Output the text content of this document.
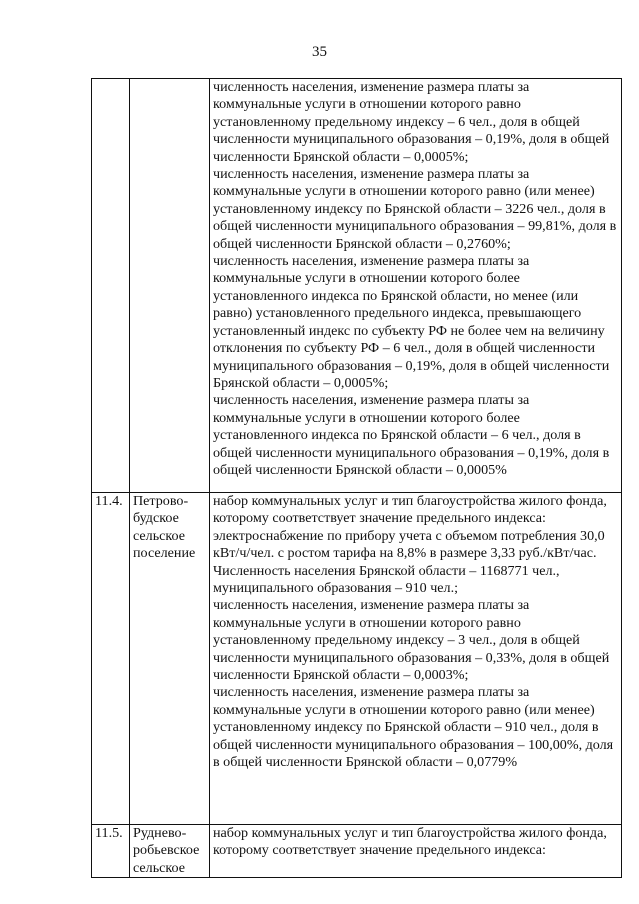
35

		численность населения, изменение размера платы за коммунальные услуги в отношении которого равно установленному предельному индексу – 6 чел., доля в общей численности муниципального образования – 0,19%, доля в общей численности Брянской области – 0,0005%;
численность населения, изменение размера платы за коммунальные услуги в отношении которого равно (или менее) установленному индексу по Брянской области – 3226 чел., доля в общей численности муниципального образования – 99,81%, доля в общей численности Брянской области – 0,2760%;
численность населения, изменение размера платы за коммунальные услуги в отношении которого более установленного индекса по Брянской области, но менее (или равно) установленного предельного индекса, превышающего установленный индекс по субъекту РФ не более чем на величину отклонения по субъекту РФ – 6 чел., доля в общей численности муниципального образования – 0,19%, доля в общей численности Брянской области – 0,0005%;
численность населения, изменение размера платы за коммунальные услуги в отношении которого более установленного индекса по Брянской области – 6 чел., доля в общей численности муниципального образования – 0,19%, доля в общей численности Брянской области – 0,0005%

11.4.	Петрово-будское сельское поселение	набор коммунальных услуг и тип благоустройства жилого фонда, которому соответствует значение предельного индекса:
электроснабжение по прибору учета с объемом потребления 30,0 кВт/ч/чел. с ростом тарифа на 8,8% в размере 3,33 руб./кВт/час.
Численность населения Брянской области – 1168771 чел., муниципального образования – 910 чел.;
численность населения, изменение размера платы за коммунальные услуги в отношении которого равно установленному предельному индексу – 3 чел., доля в общей численности муниципального образования – 0,33%, доля в общей численности Брянской области – 0,0003%;
численность населения, изменение размера платы за коммунальные услуги в отношении которого равно (или менее) установленному индексу по Брянской области – 910 чел., доля в общей численности муниципального образования – 100,00%, доля в общей численности Брянской области – 0,0779%

11.5.	Руднево-робьевское сельское	набор коммунальных услуг и тип благоустройства жилого фонда, которому соответствует значение предельного индекса:
